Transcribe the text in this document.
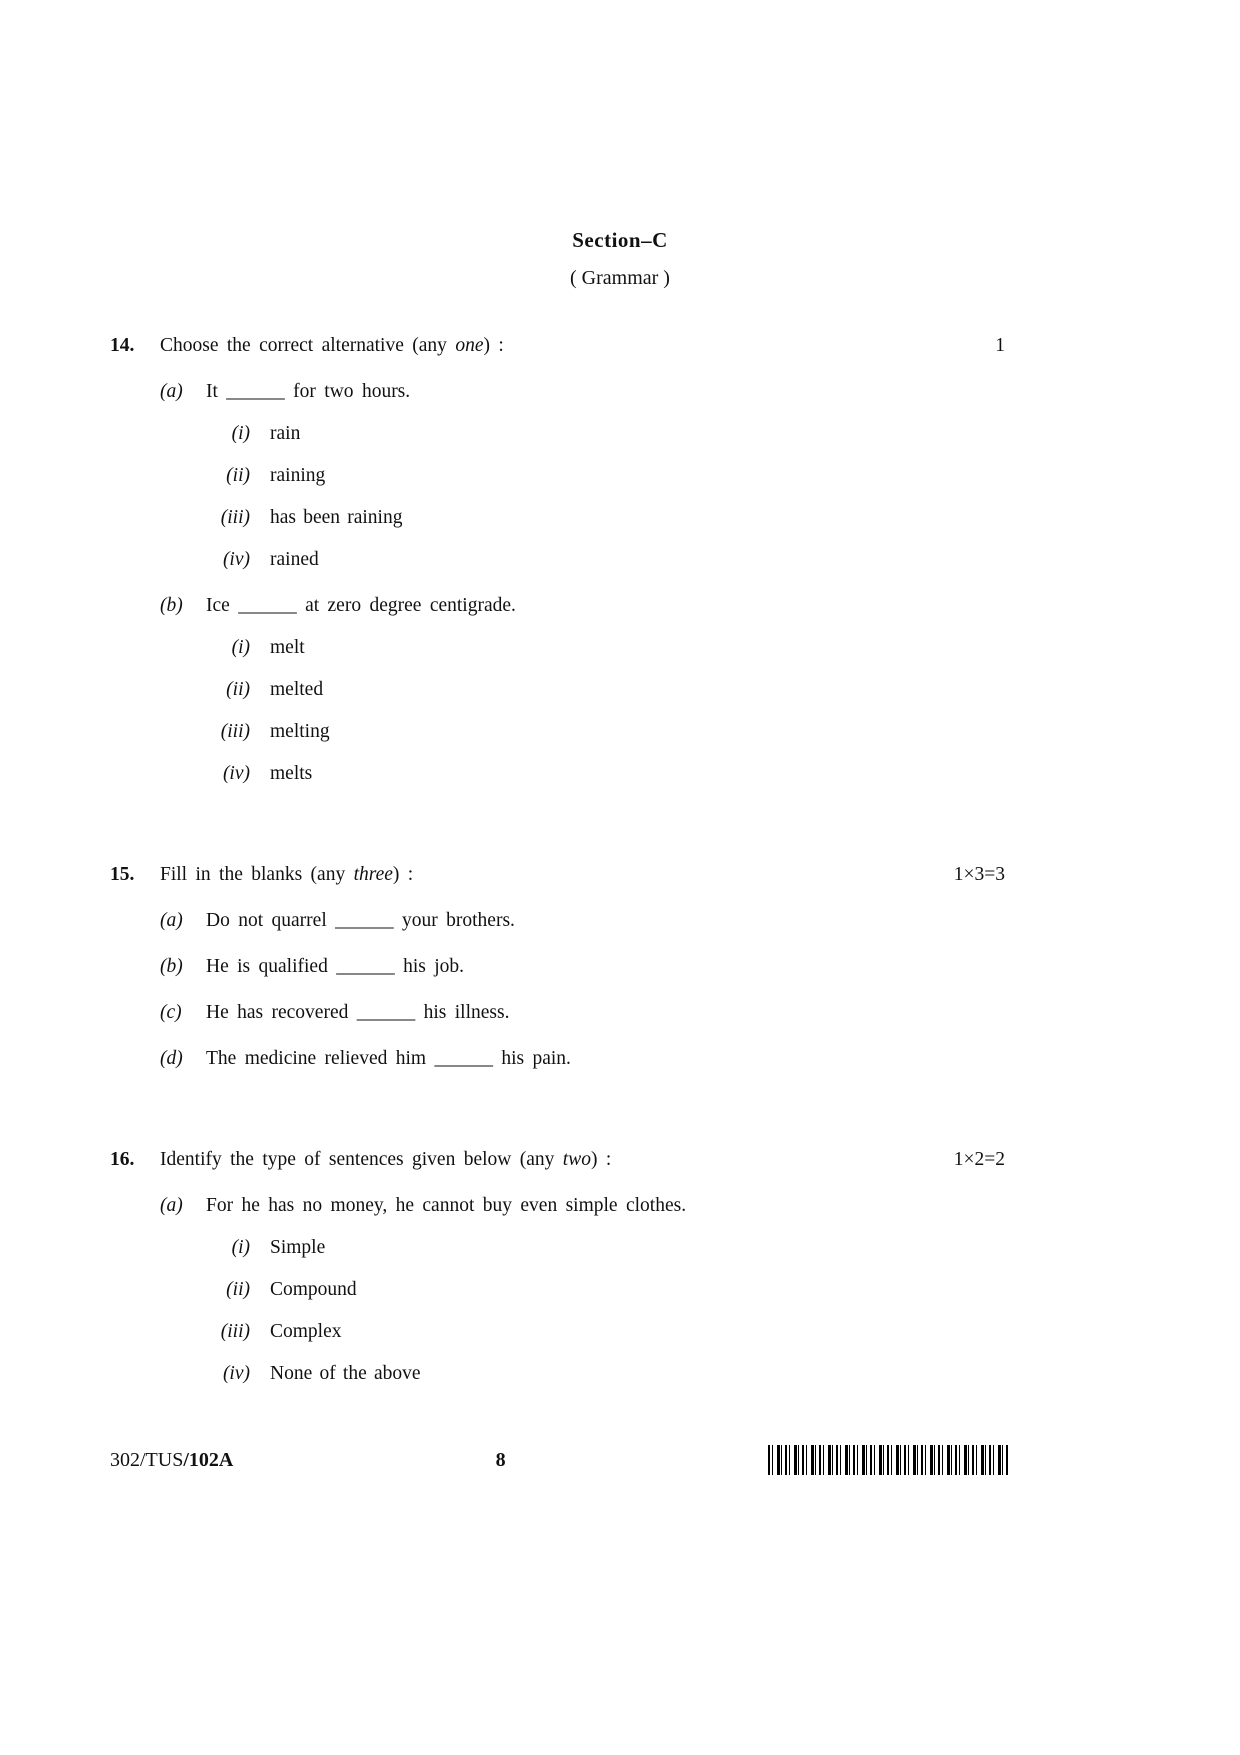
Section–C
( Grammar )
14.	Choose the correct alternative (any one) :	1
(a)	It ______ for two hours.
(i) rain
(ii) raining
(iii) has been raining
(iv) rained
(b)	Ice ______ at zero degree centigrade.
(i) melt
(ii) melted
(iii) melting
(iv) melts
15.	Fill in the blanks (any three) :	1×3=3
(a)	Do not quarrel ______ your brothers.
(b)	He is qualified ______ his job.
(c)	He has recovered ______ his illness.
(d)	The medicine relieved him ______ his pain.
16.	Identify the type of sentences given below (any two) :	1×2=2
(a)	For he has no money, he cannot buy even simple clothes.
(i) Simple
(ii) Compound
(iii) Complex
(iv) None of the above
302/TUS/102A	8
